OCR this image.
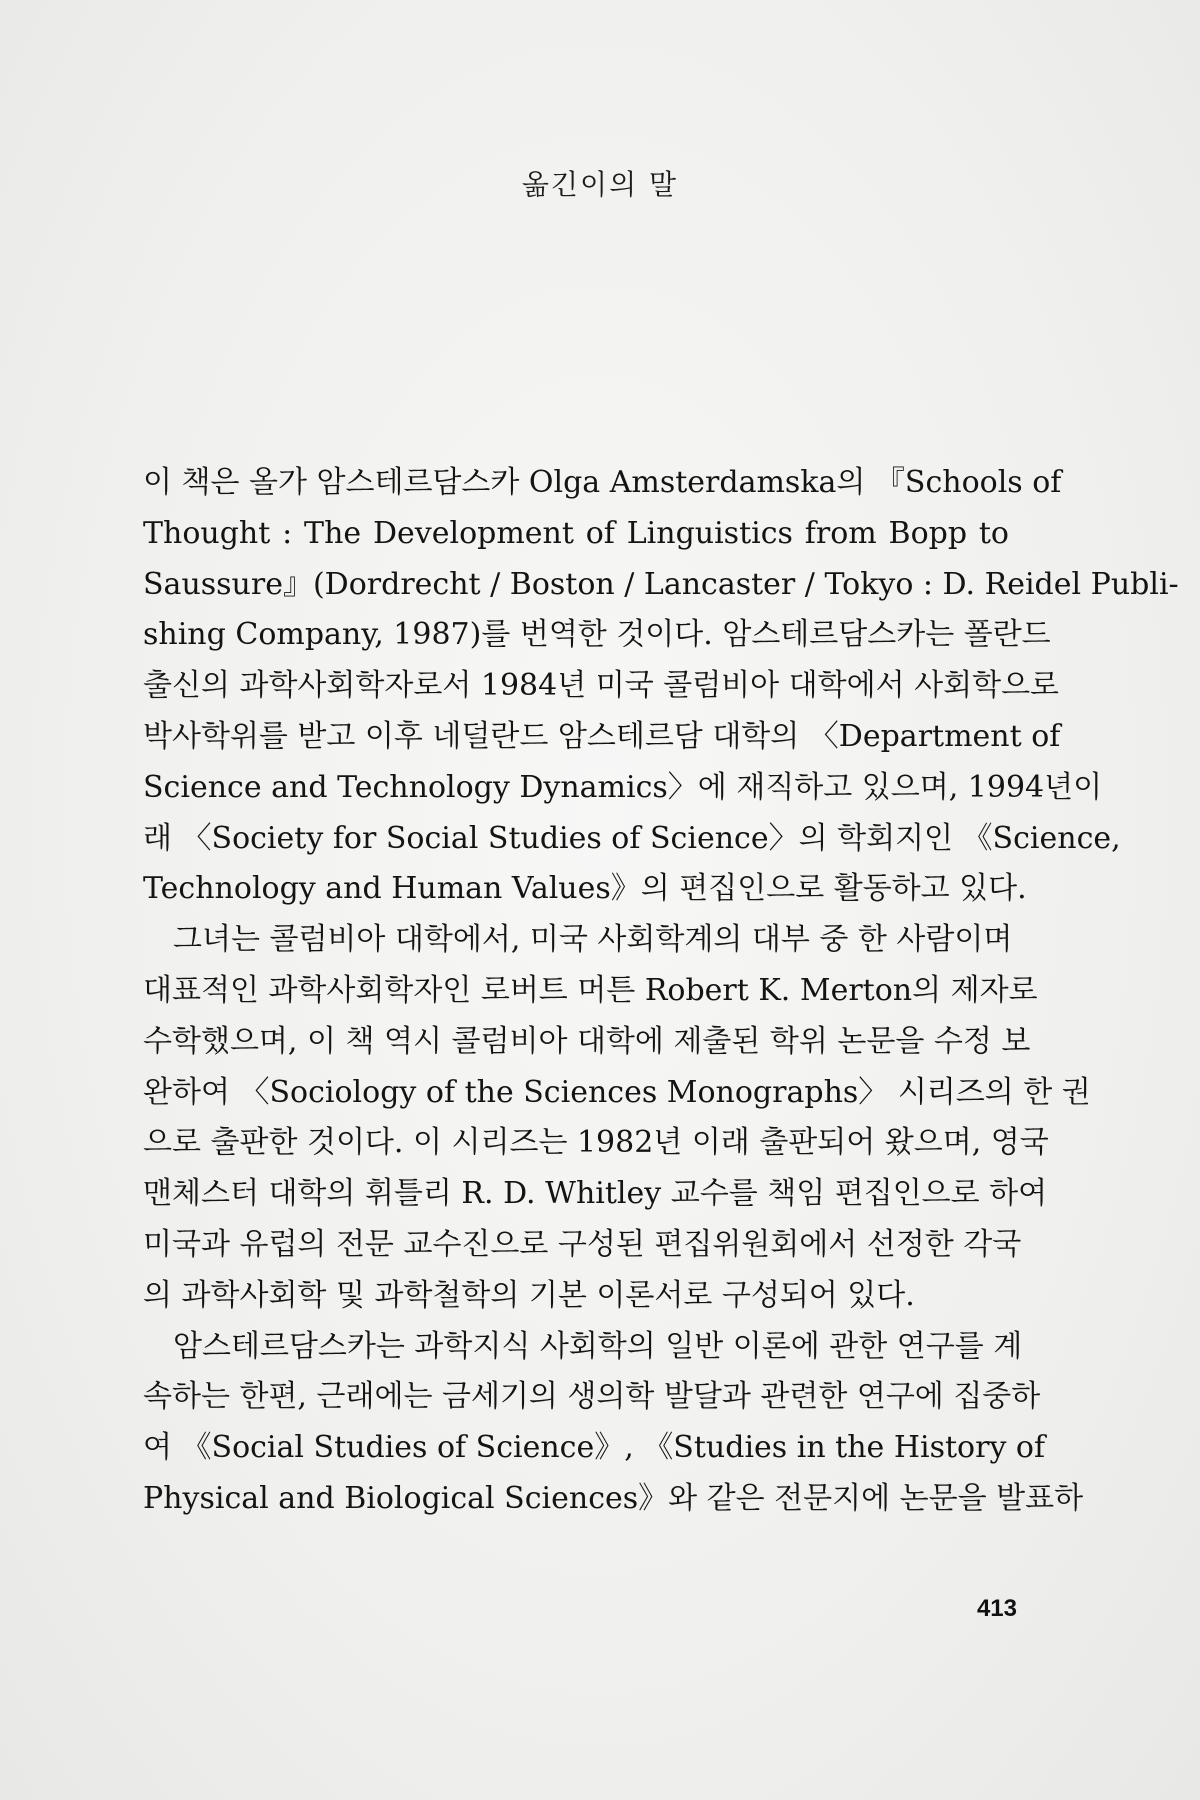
옮긴이의 말
이 책은 올가 암스테르담스카 Olga Amsterdamska의 『Schools of
Thought : The Development of Linguistics from Bopp to
Saussure』(Dordrecht / Boston / Lancaster / Tokyo : D. Reidel Publi-
shing Company, 1987)를 번역한 것이다. 암스테르담스카는 폴란드
출신의 과학사회학자로서 1984년 미국 콜럼비아 대학에서 사회학으로
박사학위를 받고 이후 네덜란드 암스테르담 대학의 〈Department of
Science and Technology Dynamics〉에 재직하고 있으며, 1994년이
래 〈Society for Social Studies of Science〉의 학회지인 《Science,
Technology and Human Values》의 편집인으로 활동하고 있다.
그녀는 콜럼비아 대학에서, 미국 사회학계의 대부 중 한 사람이며
대표적인 과학사회학자인 로버트 머튼 Robert K. Merton의 제자로
수학했으며, 이 책 역시 콜럼비아 대학에 제출된 학위 논문을 수정 보
완하여 〈Sociology of the Sciences Monographs〉 시리즈의 한 권
으로 출판한 것이다. 이 시리즈는 1982년 이래 출판되어 왔으며, 영국
맨체스터 대학의 휘틀리 R. D. Whitley 교수를 책임 편집인으로 하여
미국과 유럽의 전문 교수진으로 구성된 편집위원회에서 선정한 각국
의 과학사회학 및 과학철학의 기본 이론서로 구성되어 있다.
암스테르담스카는 과학지식 사회학의 일반 이론에 관한 연구를 계
속하는 한편, 근래에는 금세기의 생의학 발달과 관련한 연구에 집중하
여 《Social Studies of Science》, 《Studies in the History of
Physical and Biological Sciences》와 같은 전문지에 논문을 발표하
413
